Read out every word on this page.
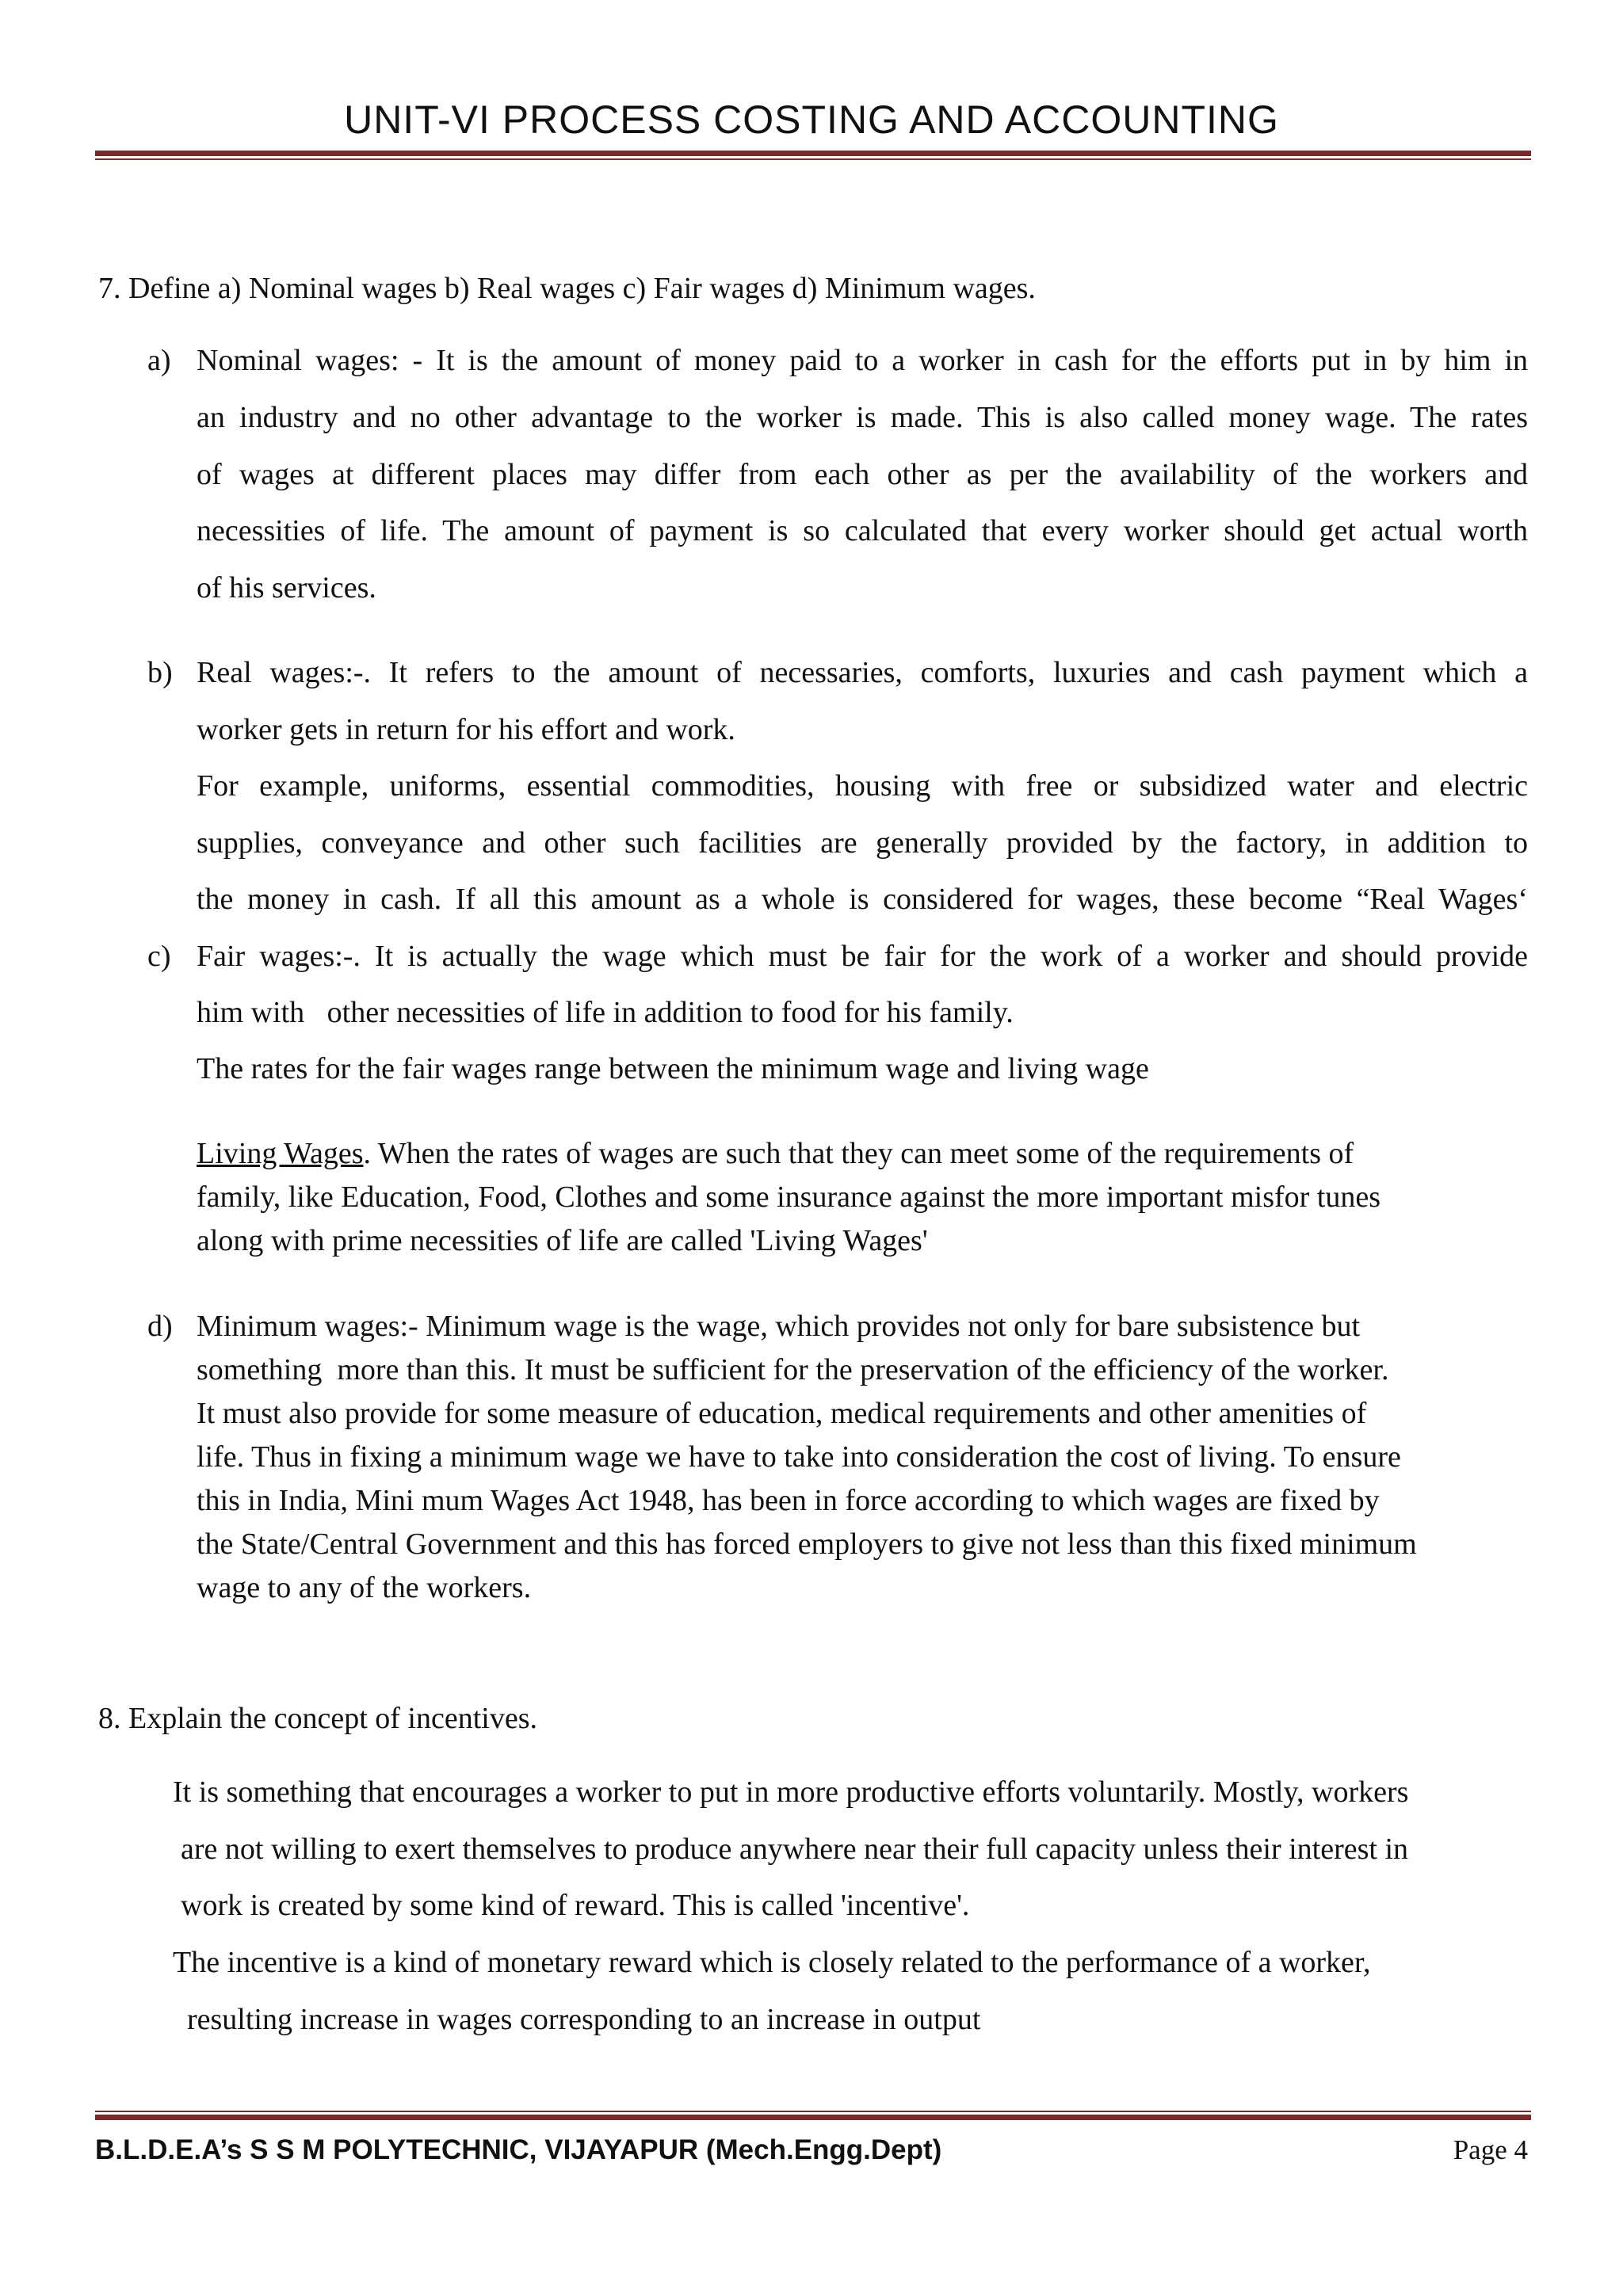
UNIT-VI PROCESS COSTING AND ACCOUNTING
7. Define a) Nominal wages b) Real wages c) Fair wages d) Minimum wages.
a) Nominal wages: - It is the amount of money paid to a worker in cash for the efforts put in by him in
an industry and no other advantage to the worker is made. This is also called money wage. The rates
of wages at different places may differ from each other as per the availability of the workers and
necessities of life. The amount of payment is so calculated that every worker should get actual worth
of his services.
b) Real wages:-. It refers to the amount of necessaries, comforts, luxuries and cash payment which a
worker gets in return for his effort and work.
For example, uniforms, essential commodities, housing with free or subsidized water and electric
supplies, conveyance and other such facilities are generally provided by the factory, in addition to
the money in cash. If all this amount as a whole is considered for wages, these become “Real Wages‘
c) Fair wages:-. It is actually the wage which must be fair for the work of a worker and should provide
him with   other necessities of life in addition to food for his family.
The rates for the fair wages range between the minimum wage and living wage
Living Wages. When the rates of wages are such that they can meet some of the requirements of
family, like Education, Food, Clothes and some insurance against the more important misfor tunes
along with prime necessities of life are called 'Living Wages'
d) Minimum wages:- Minimum wage is the wage, which provides not only for bare subsistence but
something  more than this. It must be sufficient for the preservation of the efficiency of the worker.
It must also provide for some measure of education, medical requirements and other amenities of
life. Thus in fixing a minimum wage we have to take into consideration the cost of living. To ensure
this in India, Mini mum Wages Act 1948, has been in force according to which wages are fixed by
the State/Central Government and this has forced employers to give not less than this fixed minimum
wage to any of the workers.
8. Explain the concept of incentives.
It is something that encourages a worker to put in more productive efforts voluntarily. Mostly, workers
are not willing to exert themselves to produce anywhere near their full capacity unless their interest in
work is created by some kind of reward. This is called 'incentive'.
The incentive is a kind of monetary reward which is closely related to the performance of a worker,
resulting increase in wages corresponding to an increase in output
B.L.D.E.A’s S S M POLYTECHNIC, VIJAYAPUR (Mech.Engg.Dept)	Page 4
